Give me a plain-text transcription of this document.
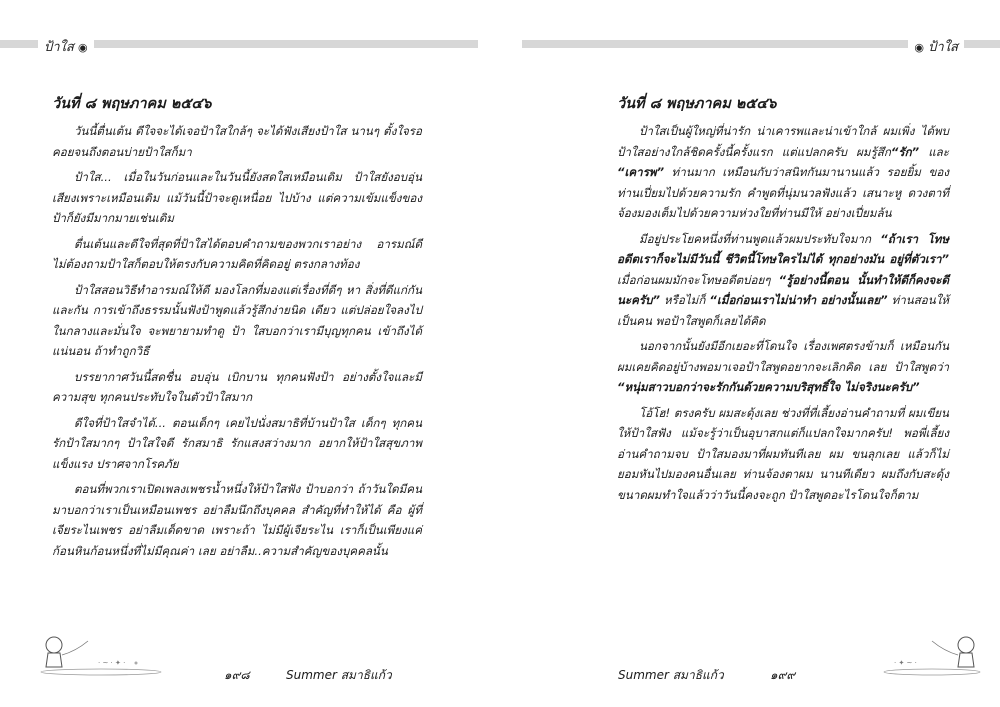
ป้าใส ◉	◉ ป้าใส
วันที่ ๘ พฤษภาคม ๒๕๔๖

วันนี้ตื่นเต้น ดีใจจะได้เจอป้าใสใกล้ๆ จะได้ฟังเสียงป้าใส นานๆ ตั้งใจรอคอยจนถึงตอนบ่ายป้าใสก็มา

ป้าใส... เมื่อในวันก่อนและในวันนี้ยังสดใสเหมือนเดิม ป้าใสยังอบอุ่น เสียงเพราะเหมือนเดิม แม้วันนี้ป้าจะดูเหนื่อย ไปบ้าง แต่ความเข้มแข็งของป้าก็ยังมีมากมายเช่นเดิม

ตื่นเต้นและดีใจที่สุดที่ป้าใสได้ตอบคำถามของพวกเราอย่าง อารมณ์ดี ไม่ต้องถามป้าใสก็ตอบให้ตรงกับความคิดที่คิดอยู่ ตรงกลางท้อง

ป้าใสสอนวิธีทำอารมณ์ให้ดี มองโลกที่มองแต่เรื่องที่ดีๆ หา สิ่งที่ดีแก่กันและกัน การเข้าถึงธรรมนั้นฟังป้าพูดแล้วรู้สึกง่ายนิด เดียว แต่ปล่อยใจลงไปในกลางและมั่นใจ จะพยายามทำดู ป้า ใสบอกว่าเรามีบุญทุกคน เข้าถึงได้แน่นอน ถ้าทำถูกวิธี

บรรยากาศวันนี้สดชื่น อบอุ่น เบิกบาน ทุกคนฟังป้า อย่างตั้งใจและมีความสุข ทุกคนประทับใจในตัวป้าใสมาก

ดีใจที่ป้าใสจำได้... ตอนเด็กๆ เคยไปนั่งสมาธิที่บ้านป้าใส เด็กๆ ทุกคนรักป้าใสมากๆ ป้าใสใจดี รักสมาธิ รักแสงสว่างมาก อยากให้ป้าใสสุขภาพแข็งแรง ปราศจากโรคภัย

ตอนที่พวกเราเปิดเพลงเพชรน้ำหนึ่งให้ป้าใสฟัง ป้าบอกว่า ถ้าวันใดมีคนมาบอกว่าเราเป็นเหมือนเพชร อย่าลืมนึกถึงบุคคล สำคัญที่ทำให้ได้ คือ ผู้ที่เจียระไนเพชร อย่าลืมเด็ดขาด เพราะถ้า ไม่มีผู้เจียระไน เราก็เป็นเพียงแค่ก้อนหินก้อนหนึ่งที่ไม่มีคุณค่า เลย อย่าลืม..ความสำคัญของบุคคลนั้น

วันที่ ๘ พฤษภาคม ๒๕๔๖

ป้าใสเป็นผู้ใหญ่ที่น่ารัก น่าเคารพและน่าเข้าใกล้ ผมเพิ่ง ได้พบป้าใสอย่างใกล้ชิดครั้งนี้ครั้งแรก แต่แปลกครับ ผมรู้สึก“รัก” และ “เคารพ” ท่านมาก เหมือนกับว่าสนิทกันมานานแล้ว รอยยิ้ม ของท่านเปี่ยมไปด้วยความรัก คำพูดที่นุ่มนวลฟังแล้ว เสนาะหู ดวงตาที่จ้องมองเต็มไปด้วยความห่วงใยที่ท่านมีให้ อย่างเปี่ยมล้น

มีอยู่ประโยคหนึ่งที่ท่านพูดแล้วผมประทับใจมาก “ถ้าเรา โทษอดีตเราก็จะไม่มีวันนี้ ชีวิตนี้โทษใครไม่ได้ ทุกอย่างมัน อยู่ที่ตัวเรา” เมื่อก่อนผมมักจะโทษอดีตบ่อยๆ “รู้อย่างนี้ตอน นั้นทำให้ดีก็คงจะดีนะครับ” หรือไม่ก็ “เมื่อก่อนเราไม่น่าทำ อย่างนั้นเลย” ท่านสอนให้เป็นคน พอป้าใสพูดก็เลยได้คิด

นอกจากนั้นยังมีอีกเยอะที่โดนใจ เรื่องเพศตรงข้ามก็ เหมือนกัน ผมเคยคิดอยู่บ้างพอมาเจอป้าใสพูดอยากจะเลิกคิด เลย ป้าใสพูดว่า “หนุ่มสาวบอกว่าจะรักกันด้วยความบริสุทธิ์ใจ ไม่จริงนะครับ”

โอ้โฮ! ตรงครับ ผมสะดุ้งเลย ช่วงที่ที่เลี้ยงอ่านคำถามที่ ผมเขียนให้ป้าใสฟัง แม้จะรู้ว่าเป็นอุบาสกแต่ก็แปลกใจมากครับ! พอพี่เลี้ยงอ่านคำถามจบ ป้าใสมองมาที่ผมทันทีเลย ผม ขนลุกเลย แล้วก็ไม่ยอมหันไปมองคนอื่นเลย ท่านจ้องตาผม นานทีเดียว ผมถึงกับสะดุ้ง ขนาดผมทำใจแล้วว่าวันนี้คงจะถูก ป้าใสพูดอะไรโดนใจก็ตาม

· ~ · ✦ ·
๑๙๘	Summer สมาธิแก้ว	Summer สมาธิแก้ว	๑๙๙
· ✦ ~ ·
